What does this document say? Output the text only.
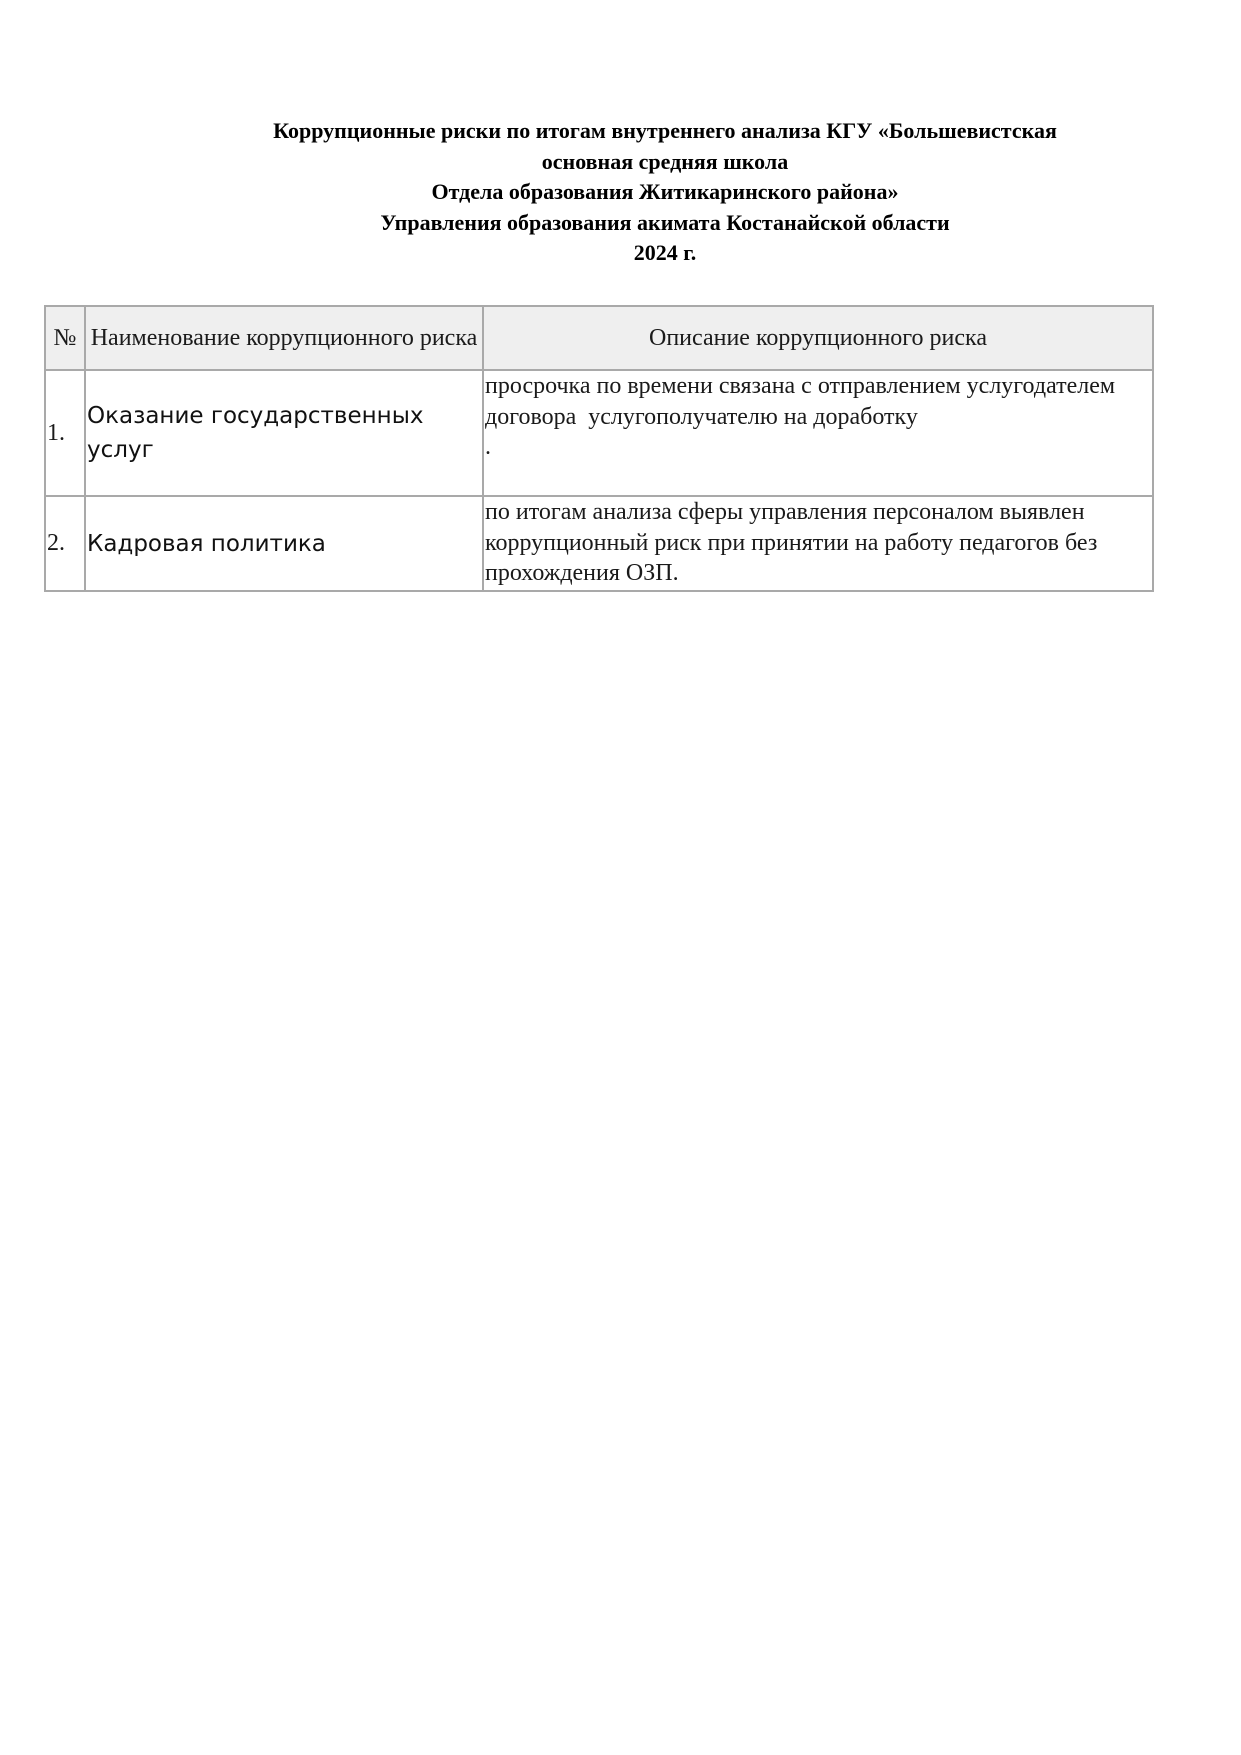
Коррупционные риски по итогам внутреннего анализа КГУ «Большевистская
основная средняя школа
Отдела образования Житикаринского района»
Управления образования акимата Костанайской области
2024 г.
№	Наименование коррупционного риска	Описание коррупционного риска
1.	Оказание государственных услуг	просрочка по времени связана с отправлением услугодателем   договора  услугополучателю на доработку
.
2.	Кадровая политика	по итогам анализа сферы управления персоналом выявлен коррупционный риск при принятии на работу педагогов без прохождения ОЗП.
